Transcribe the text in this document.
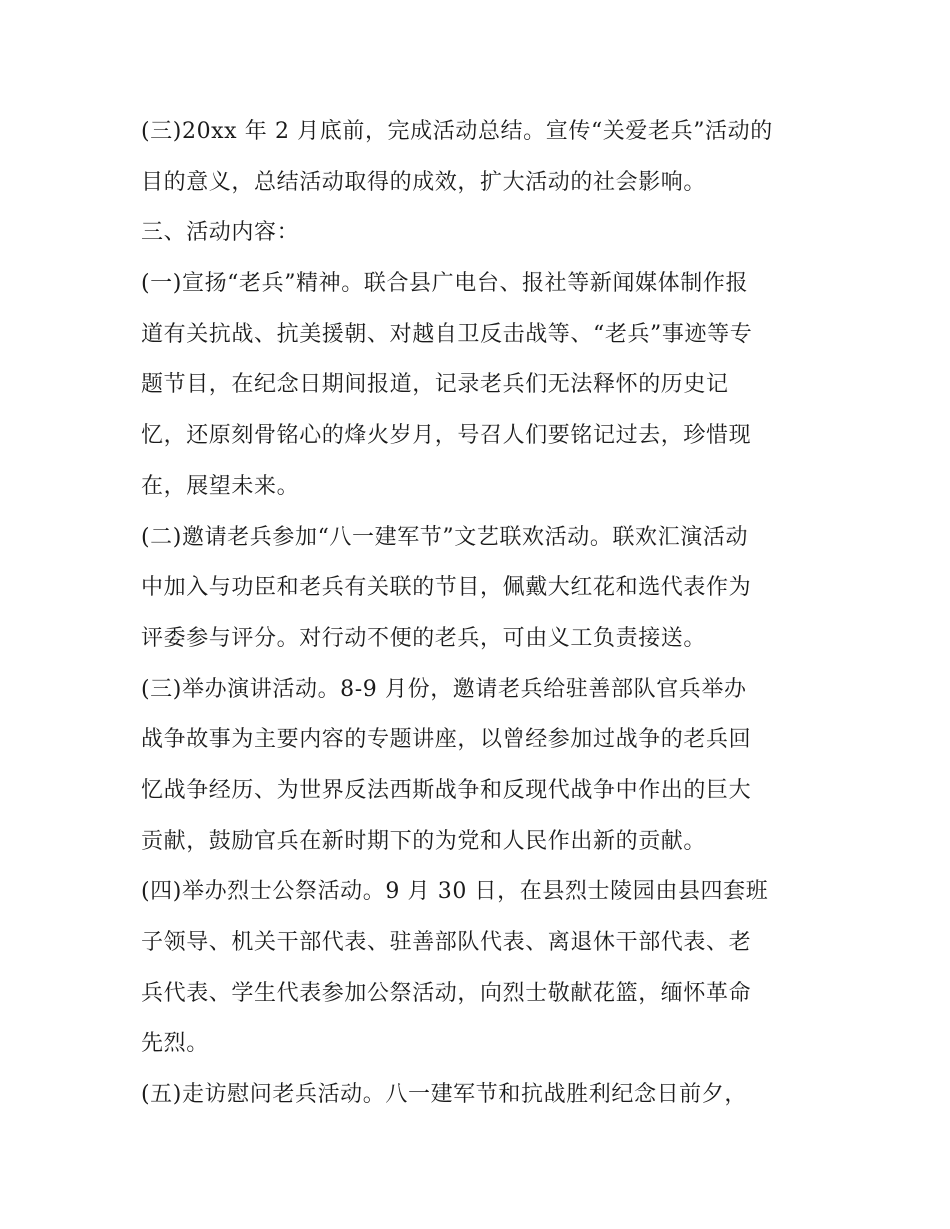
(三)20xx 年 2 月底前，完成活动总结。宣传“关爱老兵”活动的
目的意义，总结活动取得的成效，扩大活动的社会影响。
三、活动内容：
(一)宣扬“老兵”精神。联合县广电台、报社等新闻媒体制作报
道有关抗战、抗美援朝、对越自卫反击战等、“老兵”事迹等专
题节目，在纪念日期间报道，记录老兵们无法释怀的历史记
忆，还原刻骨铭心的烽火岁月，号召人们要铭记过去，珍惜现
在，展望未来。
(二)邀请老兵参加“八一建军节”文艺联欢活动。联欢汇演活动
中加入与功臣和老兵有关联的节目，佩戴大红花和选代表作为
评委参与评分。对行动不便的老兵，可由义工负责接送。
(三)举办演讲活动。8-9 月份，邀请老兵给驻善部队官兵举办
战争故事为主要内容的专题讲座，以曾经参加过战争的老兵回
忆战争经历、为世界反法西斯战争和反现代战争中作出的巨大
贡献，鼓励官兵在新时期下的为党和人民作出新的贡献。
(四)举办烈士公祭活动。9 月 30 日，在县烈士陵园由县四套班
子领导、机关干部代表、驻善部队代表、离退休干部代表、老
兵代表、学生代表参加公祭活动，向烈士敬献花篮，缅怀革命
先烈。
(五)走访慰问老兵活动。八一建军节和抗战胜利纪念日前夕，
